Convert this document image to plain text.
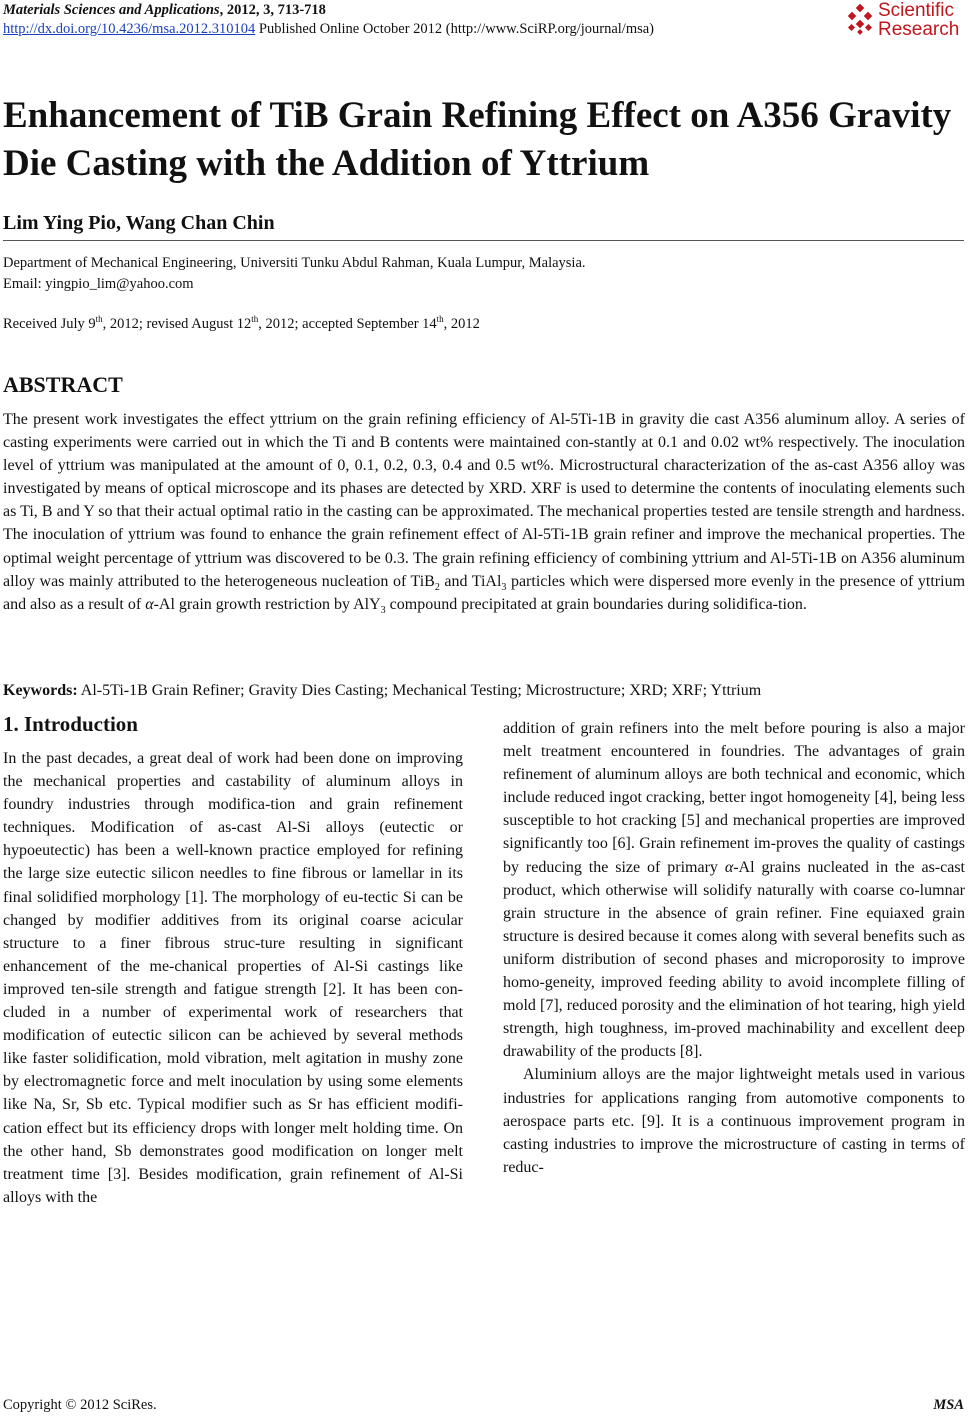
Materials Sciences and Applications, 2012, 3, 713-718
http://dx.doi.org/10.4236/msa.2012.310104 Published Online October 2012 (http://www.SciRP.org/journal/msa)
Scientific
Research
Enhancement of TiB Grain Refining Effect on A356 Gravity Die Casting with the Addition of Yttrium
Lim Ying Pio, Wang Chan Chin
Department of Mechanical Engineering, Universiti Tunku Abdul Rahman, Kuala Lumpur, Malaysia.
Email: yingpio_lim@yahoo.com
Received July 9th, 2012; revised August 12th, 2012; accepted September 14th, 2012
ABSTRACT
The present work investigates the effect yttrium on the grain refining efficiency of Al-5Ti-1B in gravity die cast A356 aluminum alloy. A series of casting experiments were carried out in which the Ti and B contents were maintained con-stantly at 0.1 and 0.02 wt% respectively. The inoculation level of yttrium was manipulated at the amount of 0, 0.1, 0.2, 0.3, 0.4 and 0.5 wt%. Microstructural characterization of the as-cast A356 alloy was investigated by means of optical microscope and its phases are detected by XRD. XRF is used to determine the contents of inoculating elements such as Ti, B and Y so that their actual optimal ratio in the casting can be approximated. The mechanical properties tested are tensile strength and hardness. The inoculation of yttrium was found to enhance the grain refinement effect of Al-5Ti-1B grain refiner and improve the mechanical properties. The optimal weight percentage of yttrium was discovered to be 0.3. The grain refining efficiency of combining yttrium and Al-5Ti-1B on A356 aluminum alloy was mainly attributed to the heterogeneous nucleation of TiB$_2$ and TiAl$_3$ particles which were dispersed more evenly in the presence of yttrium and also as a result of α-Al grain growth restriction by AlY$_3$ compound precipitated at grain boundaries during solidifica-tion.
Keywords: Al-5Ti-1B Grain Refiner; Gravity Dies Casting; Mechanical Testing; Microstructure; XRD; XRF; Yttrium
1. Introduction

In the past decades, a great deal of work had been done on improving the mechanical properties and castability of aluminum alloys in foundry industries through modifica-tion and grain refinement techniques. Modification of as-cast Al-Si alloys (eutectic or hypoeutectic) has been a well-known practice employed for refining the large size eutectic silicon needles to fine fibrous or lamellar in its final solidified morphology [1]. The morphology of eu-tectic Si can be changed by modifier additives from its original coarse acicular structure to a finer fibrous struc-ture resulting in significant enhancement of the me-chanical properties of Al-Si castings like improved ten-sile strength and fatigue strength [2]. It has been con-cluded in a number of experimental work of researchers that modification of eutectic silicon can be achieved by several methods like faster solidification, mold vibration, melt agitation in mushy zone by electromagnetic force and melt inoculation by using some elements like Na, Sr, Sb etc. Typical modifier such as Sr has efficient modifi-cation effect but its efficiency drops with longer melt holding time. On the other hand, Sb demonstrates good modification on longer melt treatment time [3]. Besides modification, grain refinement of Al-Si alloys with the

addition of grain refiners into the melt before pouring is also a major melt treatment encountered in foundries. The advantages of grain refinement of aluminum alloys are both technical and economic, which include reduced ingot cracking, better ingot homogeneity [4], being less susceptible to hot cracking [5] and mechanical properties are improved significantly too [6]. Grain refinement im-proves the quality of castings by reducing the size of primary α-Al grains nucleated in the as-cast product, which otherwise will solidify naturally with coarse co-lumnar grain structure in the absence of grain refiner. Fine equiaxed grain structure is desired because it comes along with several benefits such as uniform distribution of second phases and microporosity to improve homo-geneity, improved feeding ability to avoid incomplete filling of mold [7], reduced porosity and the elimination of hot tearing, high yield strength, high toughness, im-proved machinability and excellent deep drawability of the products [8].

Aluminium alloys are the major lightweight metals used in various industries for applications ranging from automotive components to aerospace parts etc. [9]. It is a continuous improvement program in casting industries to improve the microstructure of casting in terms of reduc-

Copyright © 2012 SciRes.	MSA
